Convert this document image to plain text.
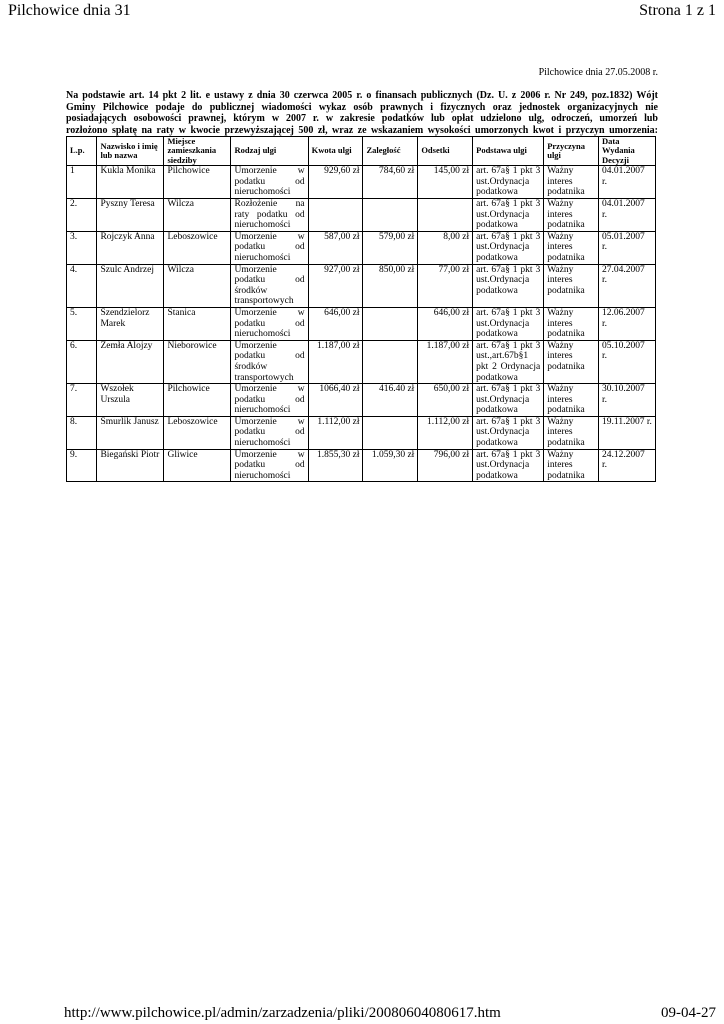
Pilchowice dnia 31	Strona 1 z 1
Pilchowice dnia 27.05.2008 r.
Na podstawie art. 14 pkt 2 lit. e ustawy z dnia 30 czerwca 2005 r. o finansach publicznych (Dz. U. z 2006 r. Nr 249, poz.1832) Wójt
Gminy Pilchowice podaje do publicznej wiadomości wykaz osób prawnych i fizycznych oraz jednostek organizacyjnych nie
posiadających osobowości prawnej, którym w 2007 r. w zakresie podatków lub opłat udzielono ulg, odroczeń, umorzeń lub
rozłożono spłatę na raty w kwocie przewyższającej 500 zł, wraz ze wskazaniem wysokości umorzonych kwot i przyczyn umorzenia:
L.p.	Nazwisko i imię lub nazwa	Miejsce zamieszkania siedziby	Rodzaj ulgi	Kwota ulgi	Zaległość	Odsetki	Podstawa ulgi	Przyczyna ulgi	Data Wydania Decyzji
1	Kukla Monika	Pilchowice	Umorzenie w podatku od nieruchomości	929,60 zł	784,60 zł	145,00 zł	art. 67a§ 1 pkt 3 ust.Ordynacja podatkowa	Ważny interes podatnika	04.01.2007 r.
2.	Pyszny Teresa	Wilcza	Rozłożenie na raty podatku od nieruchomości				art. 67a§ 1 pkt 3 ust.Ordynacja podatkowa	Ważny interes podatnika	04.01.2007 r.
3.	Rojczyk Anna	Leboszowice	Umorzenie w podatku od nieruchomości	587,00 zł	579,00 zł	8,00 zł	art. 67a§ 1 pkt 3 ust.Ordynacja podatkowa	Ważny interes podatnika	05.01.2007 r.
4.	Szulc Andrzej	Wilcza	Umorzenie podatku od środków transportowych	927,00 zł	850,00 zł	77,00 zł	art. 67a§ 1 pkt 3 ust.Ordynacja podatkowa	Ważny interes podatnika	27.04.2007 r.
5.	Szendzielorz Marek	Stanica	Umorzenie w podatku od nieruchomości	646,00 zł		646,00 zł	art. 67a§ 1 pkt 3 ust.Ordynacja podatkowa	Ważny interes podatnika	12.06.2007 r.
6.	Żemła Alojzy	Nieborowice	Umorzenie podatku od środków transportowych	1.187,00 zł		1.187,00 zł	art. 67a§ 1 pkt 3 ust.,art.67b§1 pkt 2 Ordynacja podatkowa	Ważny interes podatnika	05.10.2007 r.
7.	Wszołek Urszula	Pilchowice	Umorzenie w podatku od nieruchomości	1066,40 zł	416.40 zł	650,00 zł	art. 67a§ 1 pkt 3 ust.Ordynacja podatkowa	Ważny interes podatnika	30.10.2007 r.
8.	Smurlik Janusz	Leboszowice	Umorzenie w podatku od nieruchomości	1.112,00 zł		1.112,00 zł	art. 67a§ 1 pkt 3 ust.Ordynacja podatkowa	Ważny interes podatnika	19.11.2007 r.
9.	Biegański Piotr	Gliwice	Umorzenie w podatku od nieruchomości	1.855,30 zł	1.059,30 zł	796,00 zł	art. 67a§ 1 pkt 3 ust.Ordynacja podatkowa	Ważny interes podatnika	24.12.2007 r.
http://www.pilchowice.pl/admin/zarzadzenia/pliki/20080604080617.htm	09-04-27
